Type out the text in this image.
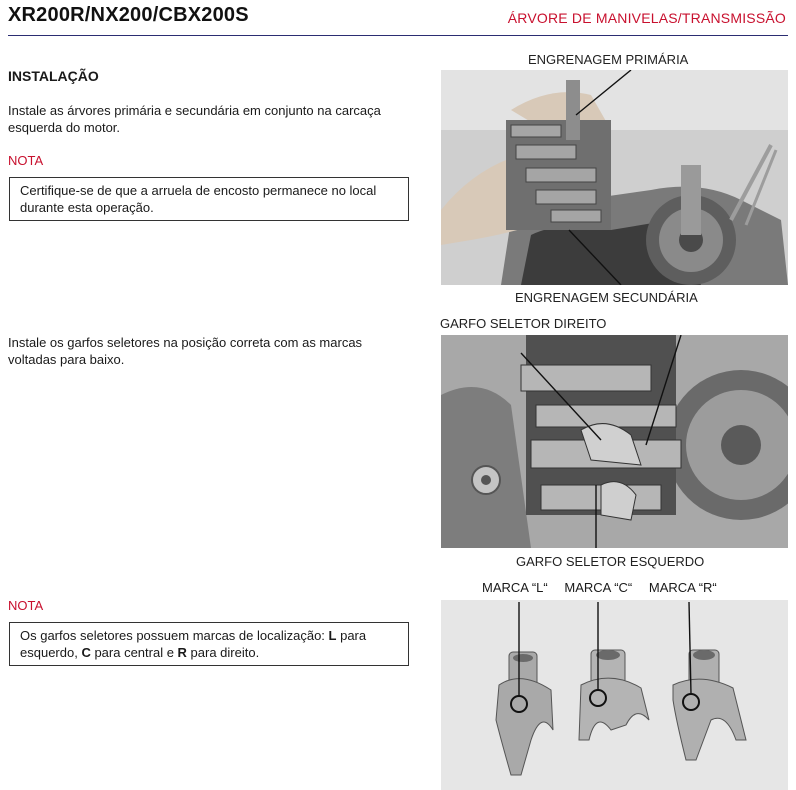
XR200R/NX200/CBX200S	ÁRVORE DE MANIVELAS/TRANSMISSÃO
INSTALAÇÃO
Instale as árvores primária e secundária em conjunto na carcaça esquerda do motor.
NOTA
Certifique-se de que a arruela de encosto permanece no local durante esta operação.
Instale os garfos seletores na posição correta com as marcas voltadas para baixo.
NOTA
Os garfos seletores possuem marcas de localização: L para esquerdo, C para central e R para direito.
ENGRENAGEM PRIMÁRIA
ENGRENAGEM SECUNDÁRIA
GARFO SELETOR DIREITO
GARFO SELETOR ESQUERDO
MARCA “L“ MARCA “C“ MARCA “R“
